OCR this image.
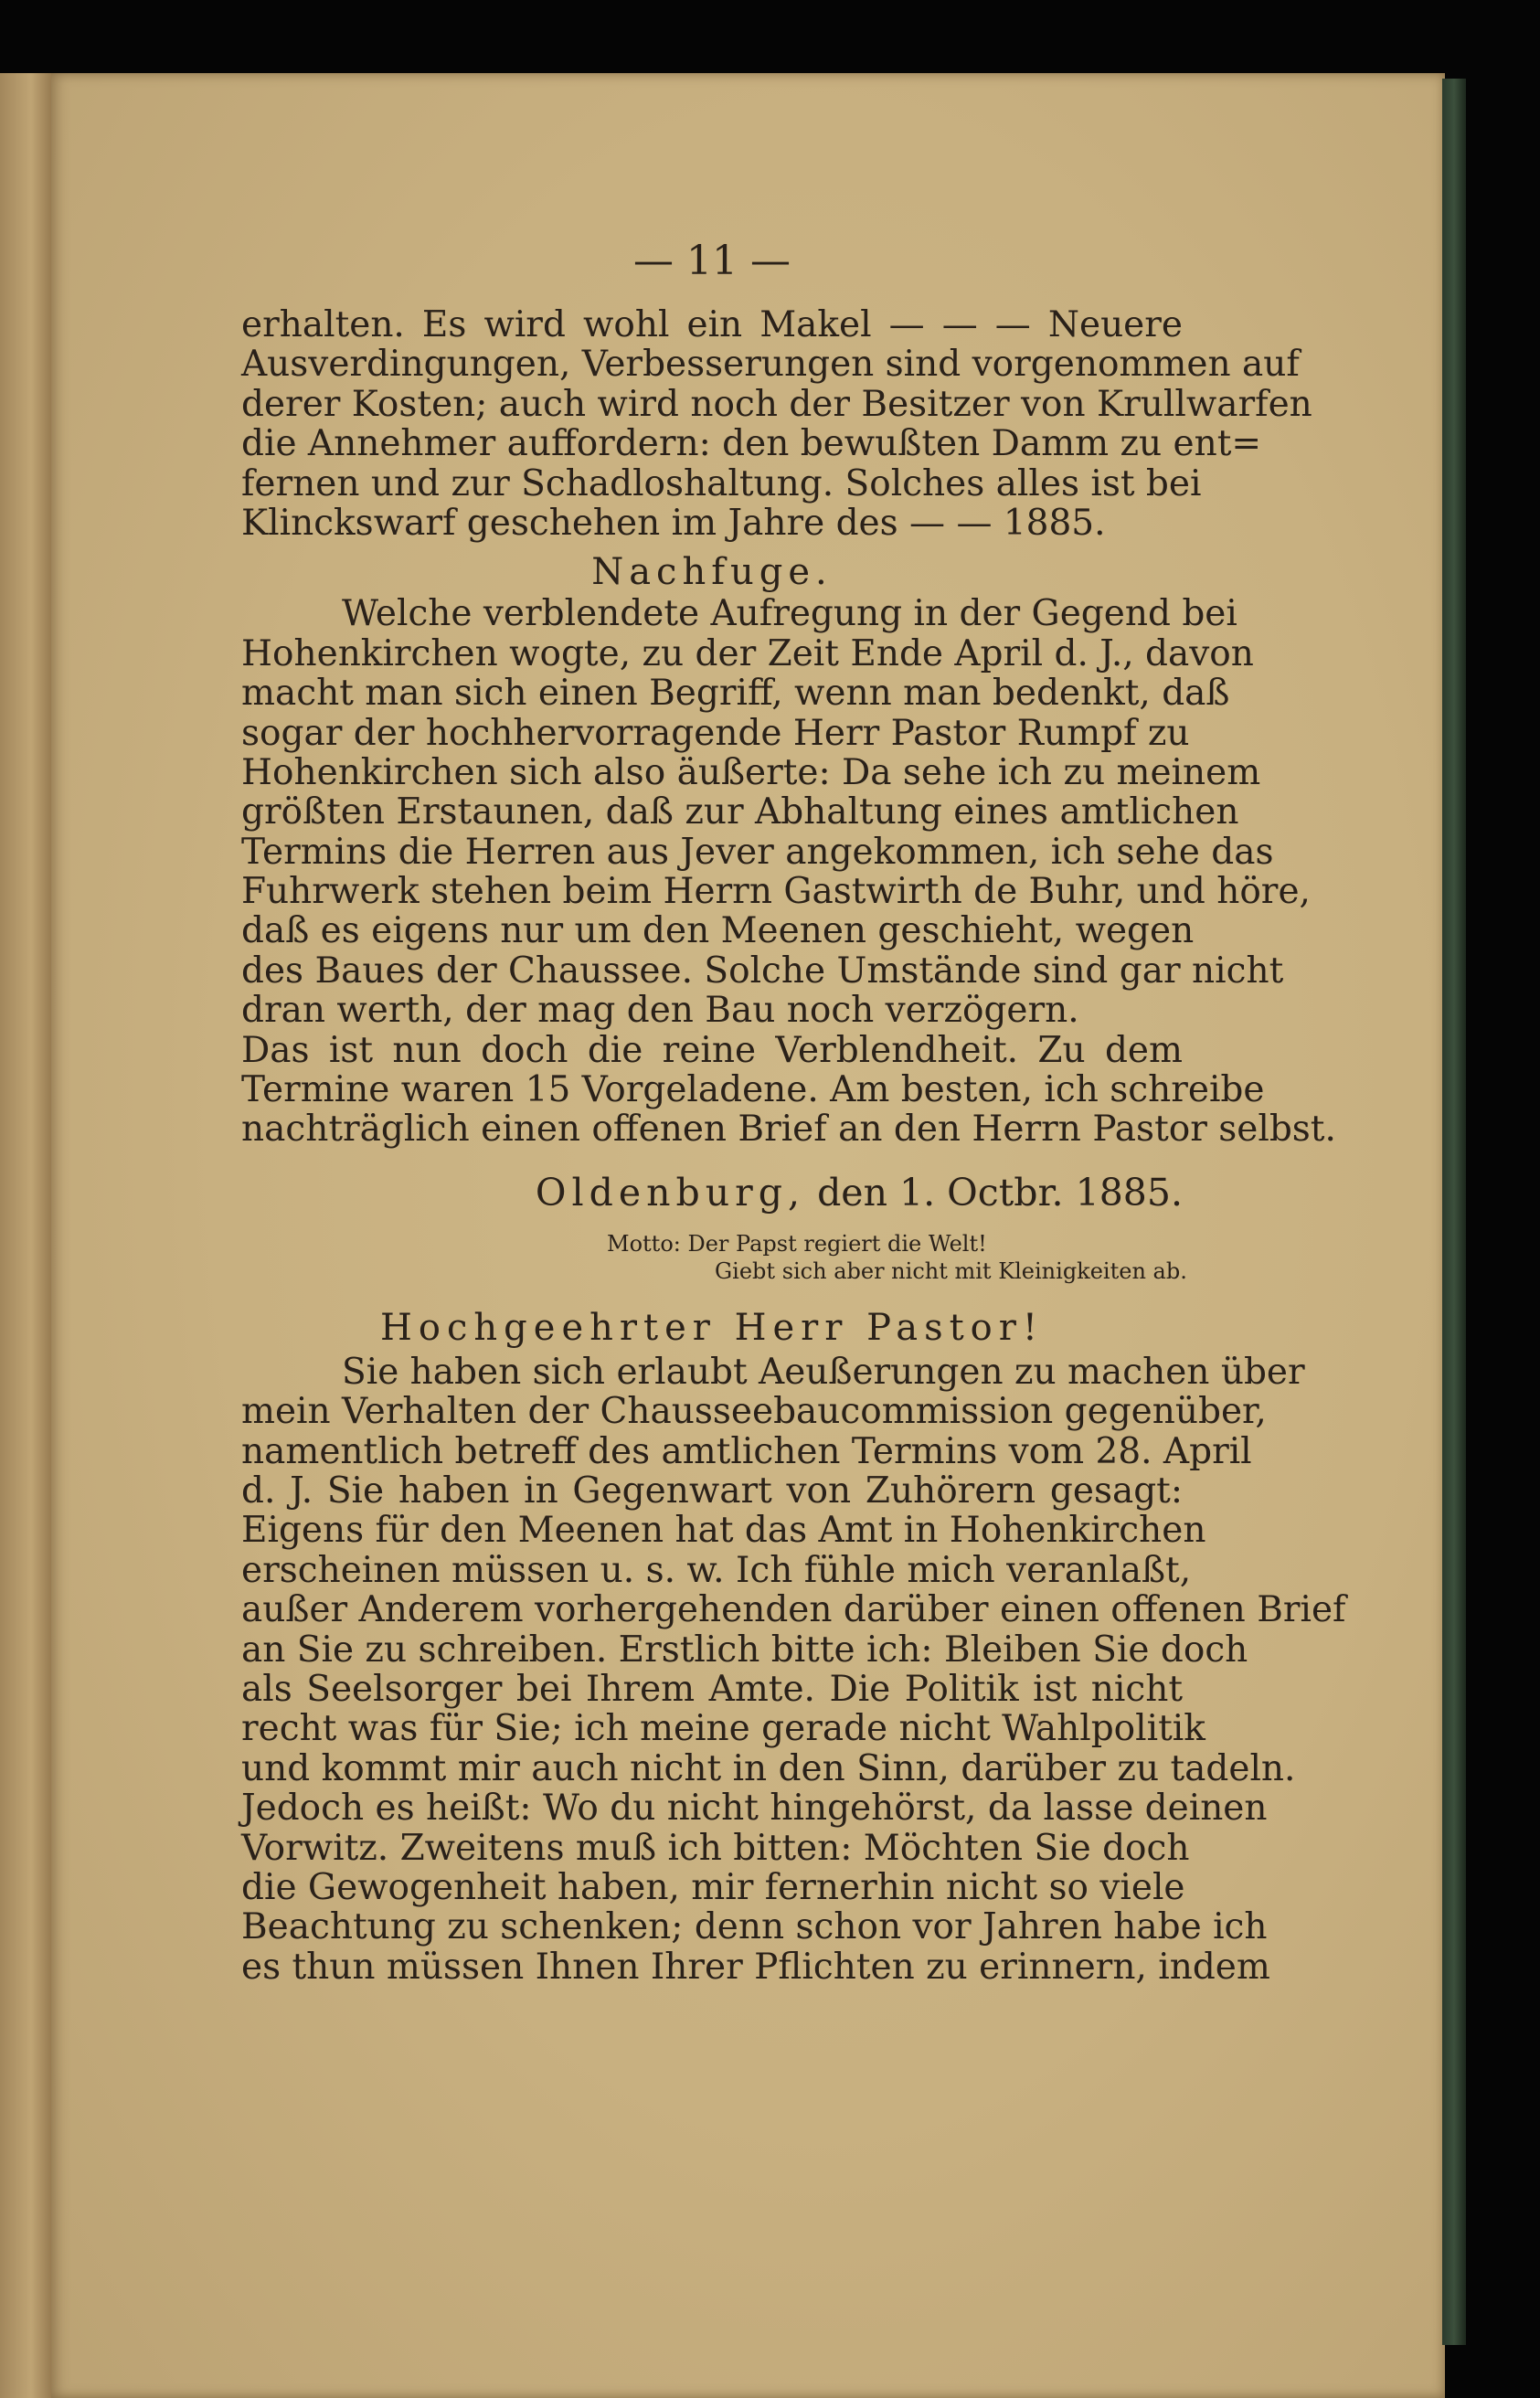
— 11 —
erhalten. Es wird wohl ein Makel — — — Neuere
Ausverdingungen, Verbesserungen sind vorgenommen auf
derer Kosten; auch wird noch der Besitzer von Krullwarfen
die Annehmer auffordern: den bewußten Damm zu ent=
fernen und zur Schadloshaltung. Solches alles ist bei
Klinckswarf geschehen im Jahre des — — 1885.
Nachfuge.
Welche verblendete Aufregung in der Gegend bei
Hohenkirchen wogte, zu der Zeit Ende April d. J., davon
macht man sich einen Begriff, wenn man bedenkt, daß
sogar der hochhervorragende Herr Pastor Rumpf zu
Hohenkirchen sich also äußerte: Da sehe ich zu meinem
größten Erstaunen, daß zur Abhaltung eines amtlichen
Termins die Herren aus Jever angekommen, ich sehe das
Fuhrwerk stehen beim Herrn Gastwirth de Buhr, und höre,
daß es eigens nur um den Meenen geschieht, wegen
des Baues der Chaussee. Solche Umstände sind gar nicht
dran werth, der mag den Bau noch verzögern.
Das ist nun doch die reine Verblendheit. Zu dem
Termine waren 15 Vorgeladene. Am besten, ich schreibe
nachträglich einen offenen Brief an den Herrn Pastor selbst.
Oldenburg, den 1. Octbr. 1885.
Motto: Der Papst regiert die Welt!
Giebt sich aber nicht mit Kleinigkeiten ab.
Hochgeehrter Herr Pastor!
Sie haben sich erlaubt Aeußerungen zu machen über
mein Verhalten der Chausseebaucommission gegenüber,
namentlich betreff des amtlichen Termins vom 28. April
d. J. Sie haben in Gegenwart von Zuhörern gesagt:
Eigens für den Meenen hat das Amt in Hohenkirchen
erscheinen müssen u. s. w. Ich fühle mich veranlaßt,
außer Anderem vorhergehenden darüber einen offenen Brief
an Sie zu schreiben. Erstlich bitte ich: Bleiben Sie doch
als Seelsorger bei Ihrem Amte. Die Politik ist nicht
recht was für Sie; ich meine gerade nicht Wahlpolitik
und kommt mir auch nicht in den Sinn, darüber zu tadeln.
Jedoch es heißt: Wo du nicht hingehörst, da lasse deinen
Vorwitz. Zweitens muß ich bitten: Möchten Sie doch
die Gewogenheit haben, mir fernerhin nicht so viele
Beachtung zu schenken; denn schon vor Jahren habe ich
es thun müssen Ihnen Ihrer Pflichten zu erinnern, indem
